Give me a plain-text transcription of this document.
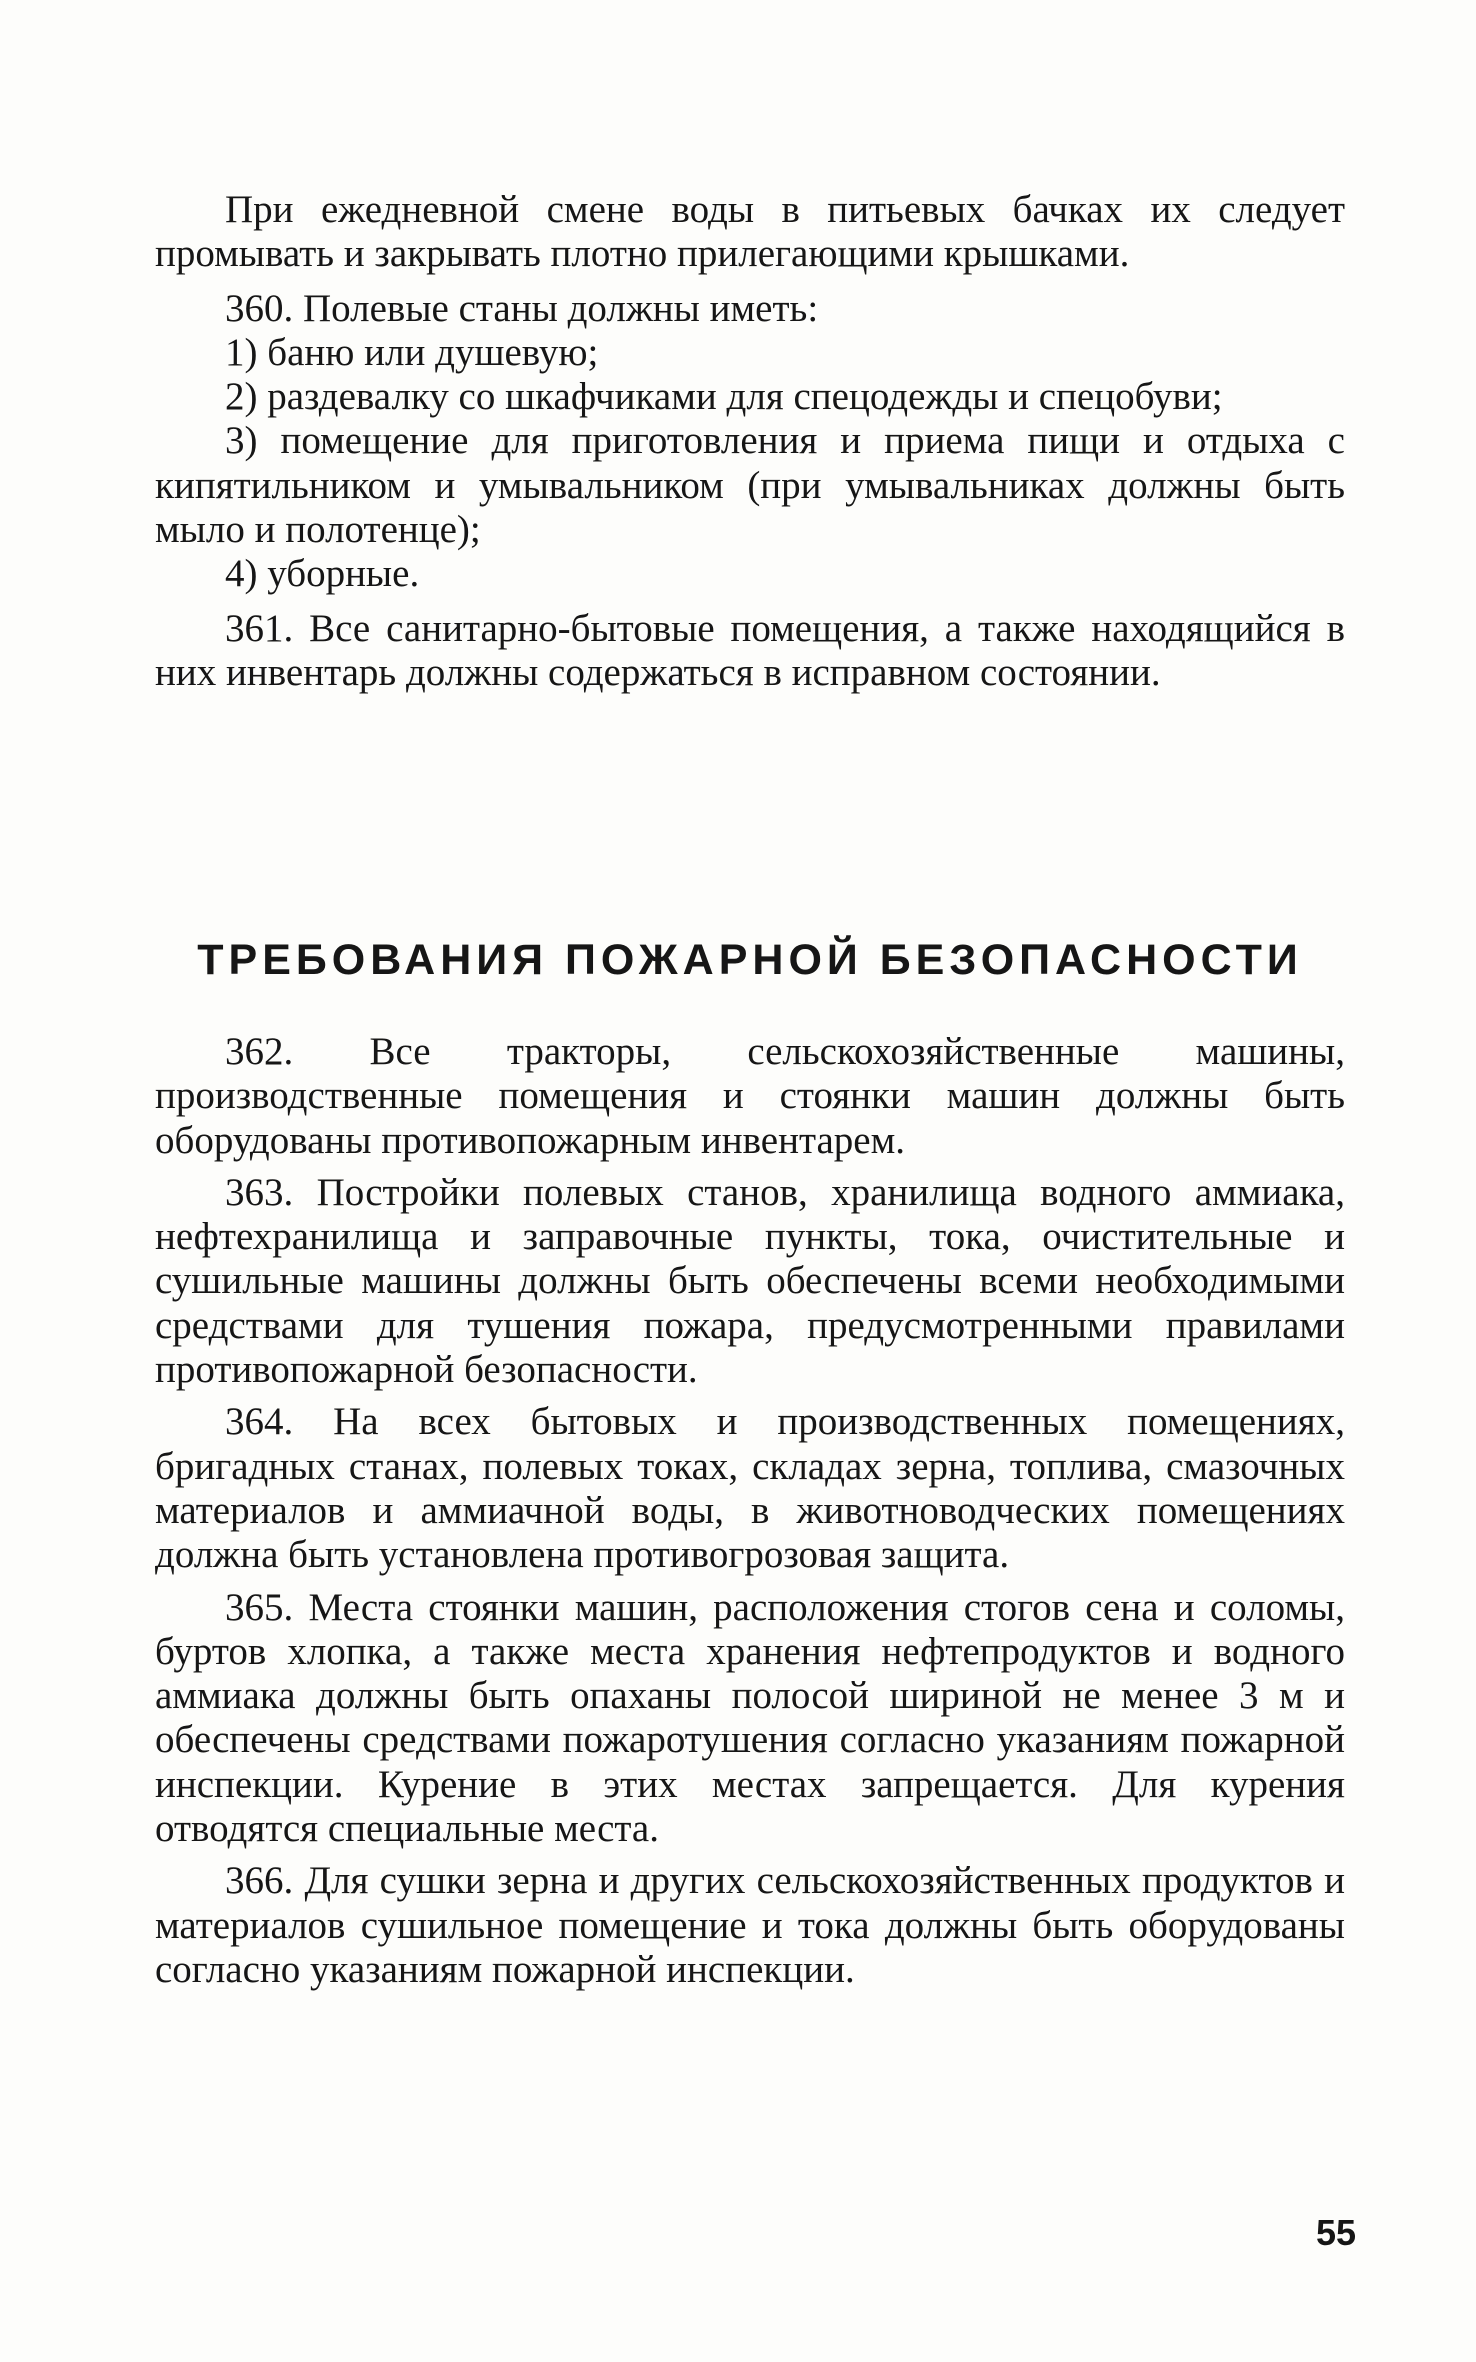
При ежедневной смене воды в питьевых бачках их следует промывать и закрывать плотно прилегающими крышками.

360. Полевые станы должны иметь:

1) баню или душевую;

2) раздевалку со шкафчиками для спецодежды и спецобуви;

3) помещение для приготовления и приема пищи и отдыха с кипятильником и умывальником (при умывальниках должны быть мыло и полотенце);

4) уборные.

361. Все санитарно-бытовые помещения, а также находящийся в них инвентарь должны содержаться в исправном состоянии.

ТРЕБОВАНИЯ ПОЖАРНОЙ БЕЗОПАСНОСТИ

362. Все тракторы, сельскохозяйственные машины, производственные помещения и стоянки машин должны быть оборудованы противопожарным инвентарем.

363. Постройки полевых станов, хранилища водного аммиака, нефтехранилища и заправочные пункты, тока, очистительные и сушильные машины должны быть обеспечены всеми необходимыми средствами для тушения пожара, предусмотренными правилами противопожарной безопасности.

364. На всех бытовых и производственных помещениях, бригадных станах, полевых токах, складах зерна, топлива, смазочных материалов и аммиачной воды, в животноводческих помещениях должна быть установлена противогрозовая защита.

365. Места стоянки машин, расположения стогов сена и соломы, буртов хлопка, а также места хранения нефтепродуктов и водного аммиака должны быть опаханы полосой шириной не менее 3 м и обеспечены средствами пожаротушения согласно указаниям пожарной инспекции. Курение в этих местах запрещается. Для курения отводятся специальные места.

366. Для сушки зерна и других сельскохозяйственных продуктов и материалов сушильное помещение и тока должны быть оборудованы согласно указаниям пожарной инспекции.

55
